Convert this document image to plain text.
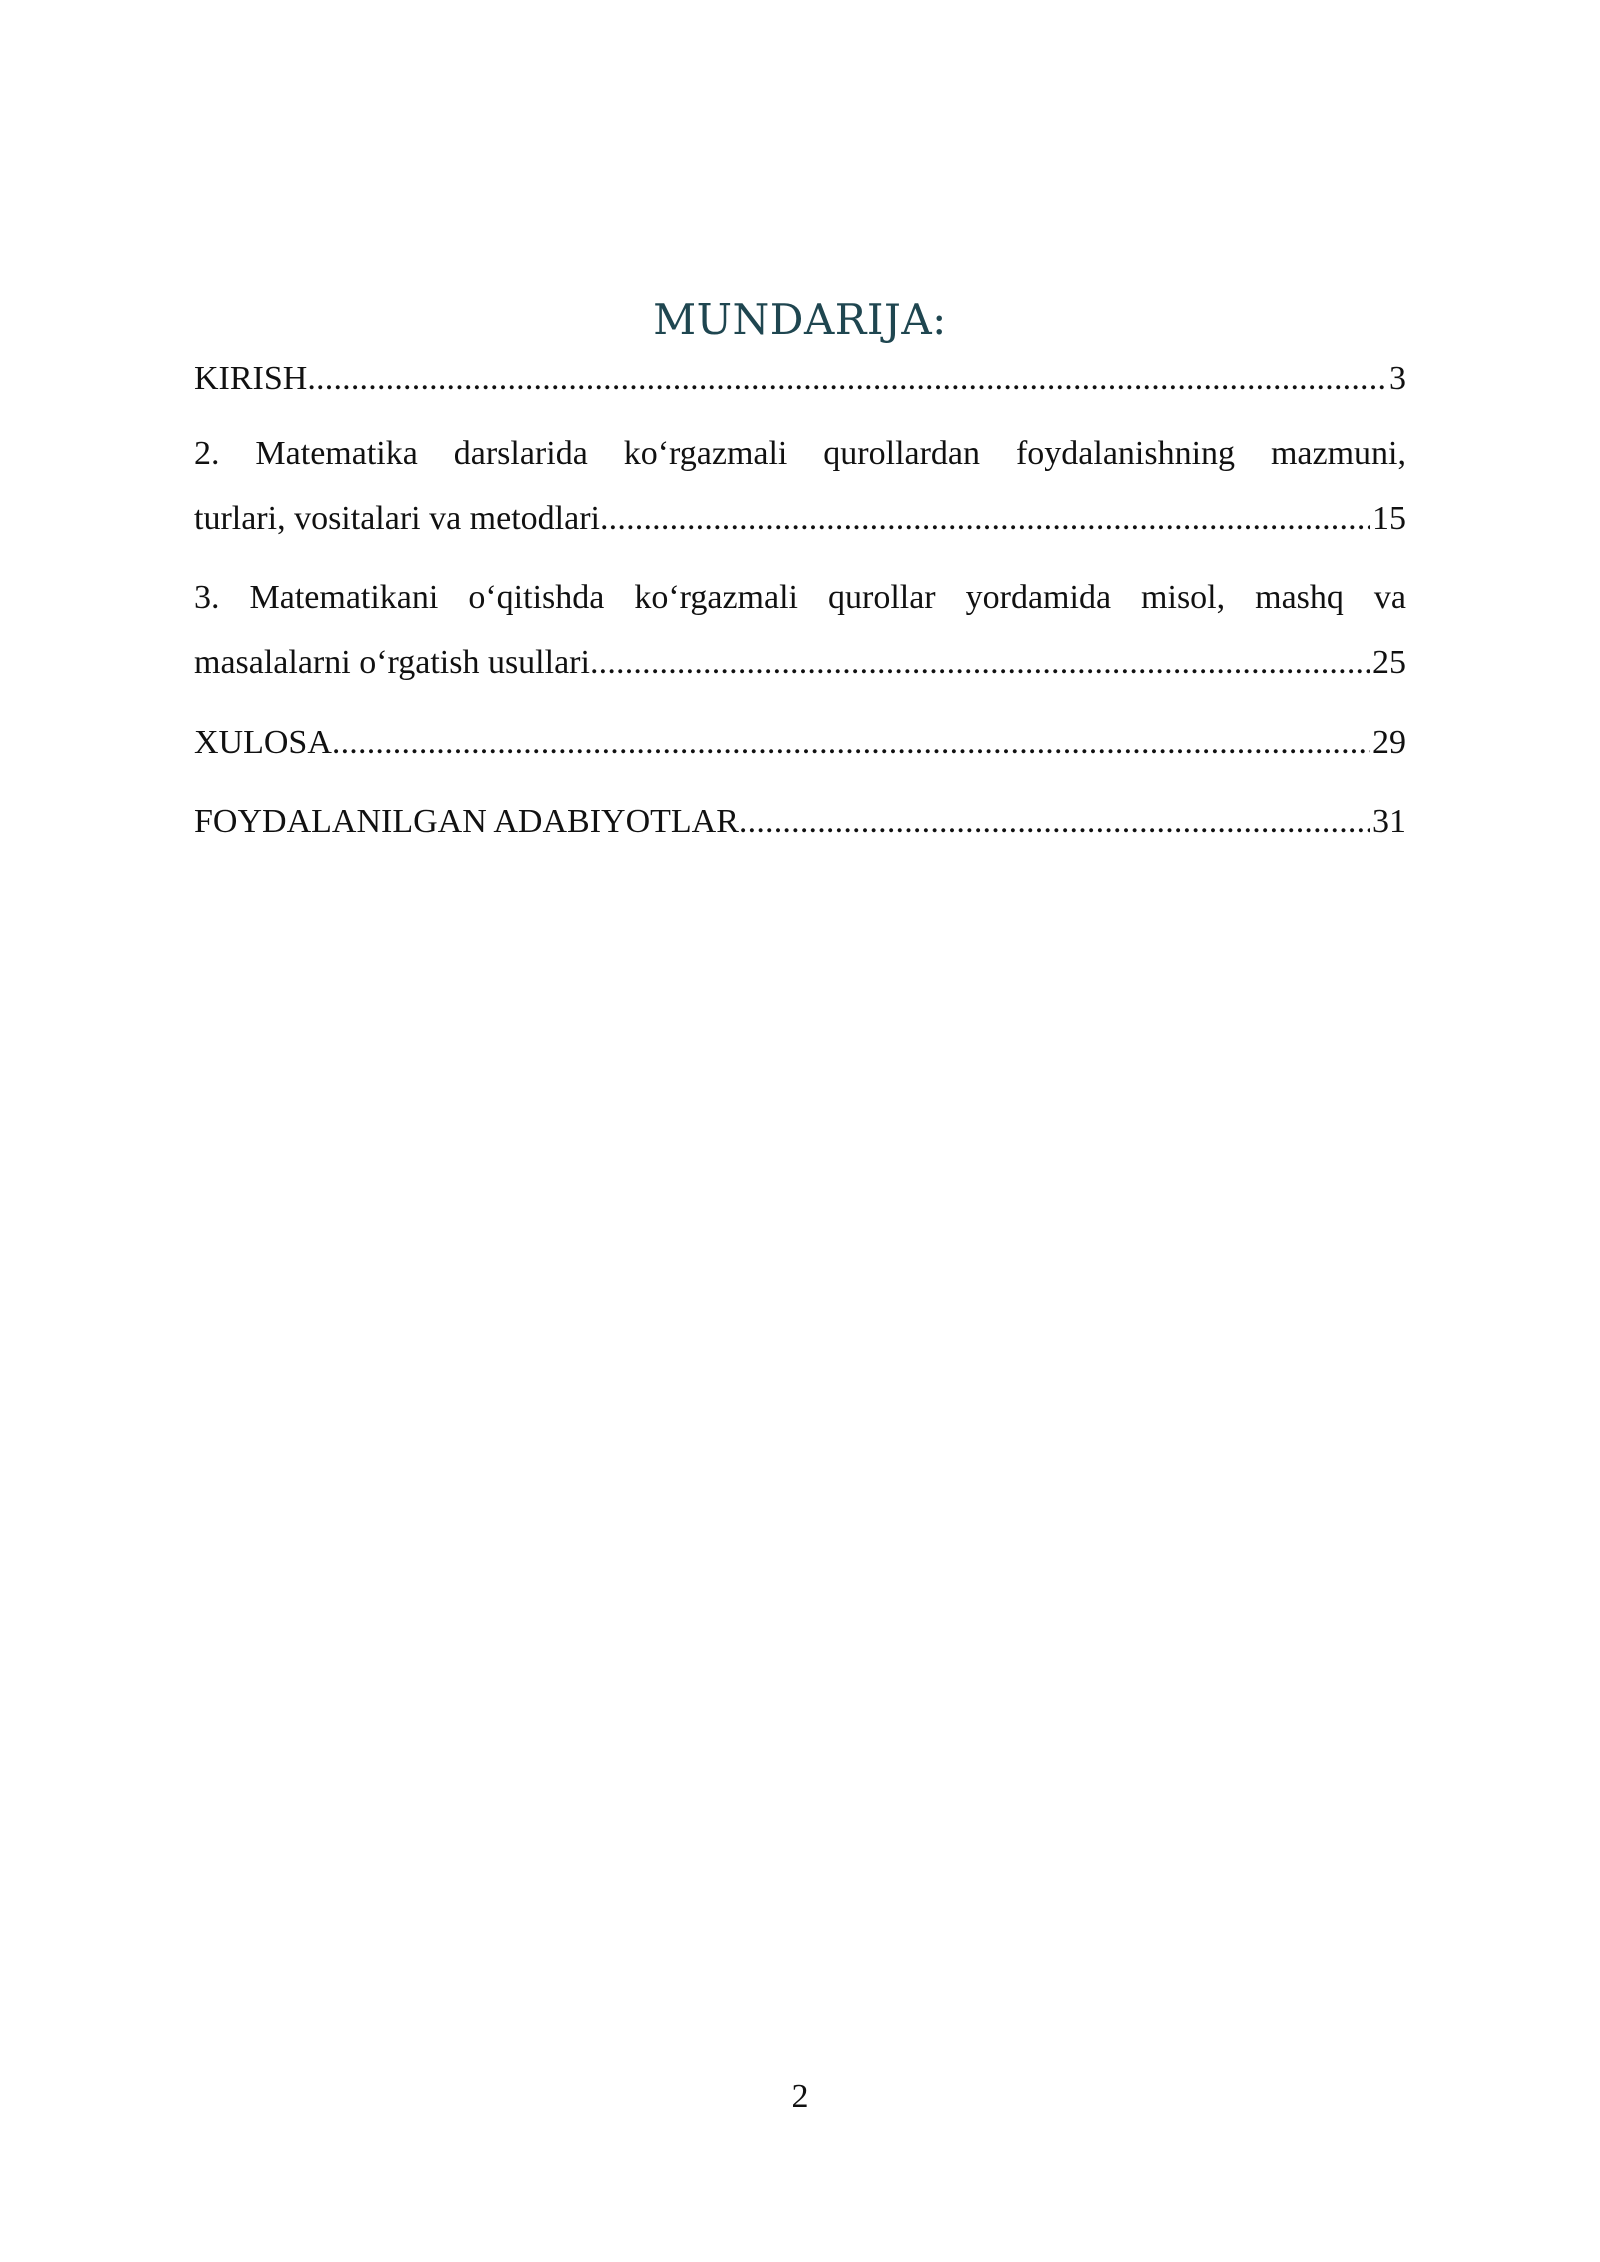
MUNDARIJA:
KIRISH .....	3
2. Matematika darslarida ko‘rgazmali qurollardan foydalanishning mazmuni,
turlari, vositalari va metodlari .....	15
3. Matematikani o‘qitishda ko‘rgazmali qurollar yordamida misol, mashq va
masalalarni o‘rgatish usullari .....	25
XULOSA .....	29
FOYDALANILGAN ADABIYOTLAR .....	31
2
